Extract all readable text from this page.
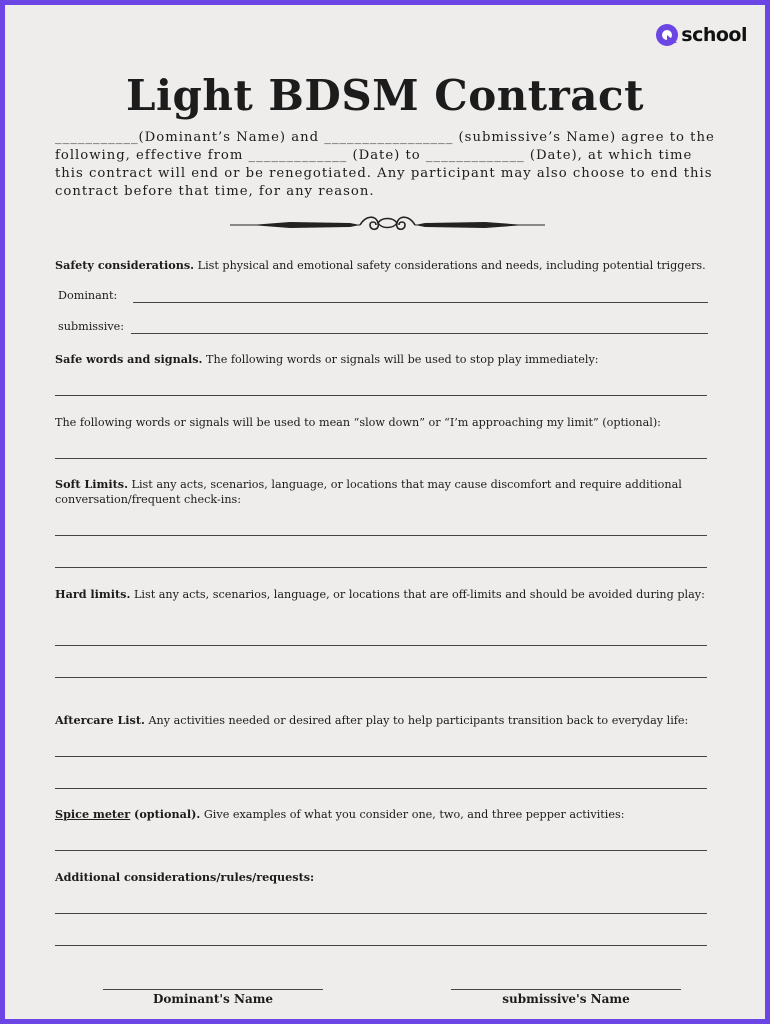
school
Light BDSM Contract
___________(Dominant’s Name) and _________________ (submissive’s Name) agree to the following, effective from _____________ (Date) to _____________ (Date), at which time this contract will end or be renegotiated. Any participant may also choose to end this contract before that time, for any reason.
Safety considerations. List physical and emotional safety considerations and needs, including potential triggers.
Dominant:
submissive:
Safe words and signals. The following words or signals will be used to stop play immediately:
The following words or signals will be used to mean “slow down” or “I’m approaching my limit” (optional):
Soft Limits. List any acts, scenarios, language, or locations that may cause discomfort and require additional conversation/frequent check-ins:
Hard limits. List any acts, scenarios, language, or locations that are off-limits and should be avoided during play:
Aftercare List. Any activities needed or desired after play to help participants transition back to everyday life:
Spice meter (optional). Give examples of what you consider one, two, and three pepper activities:
Additional considerations/rules/requests:
Dominant's Name	submissive's Name
